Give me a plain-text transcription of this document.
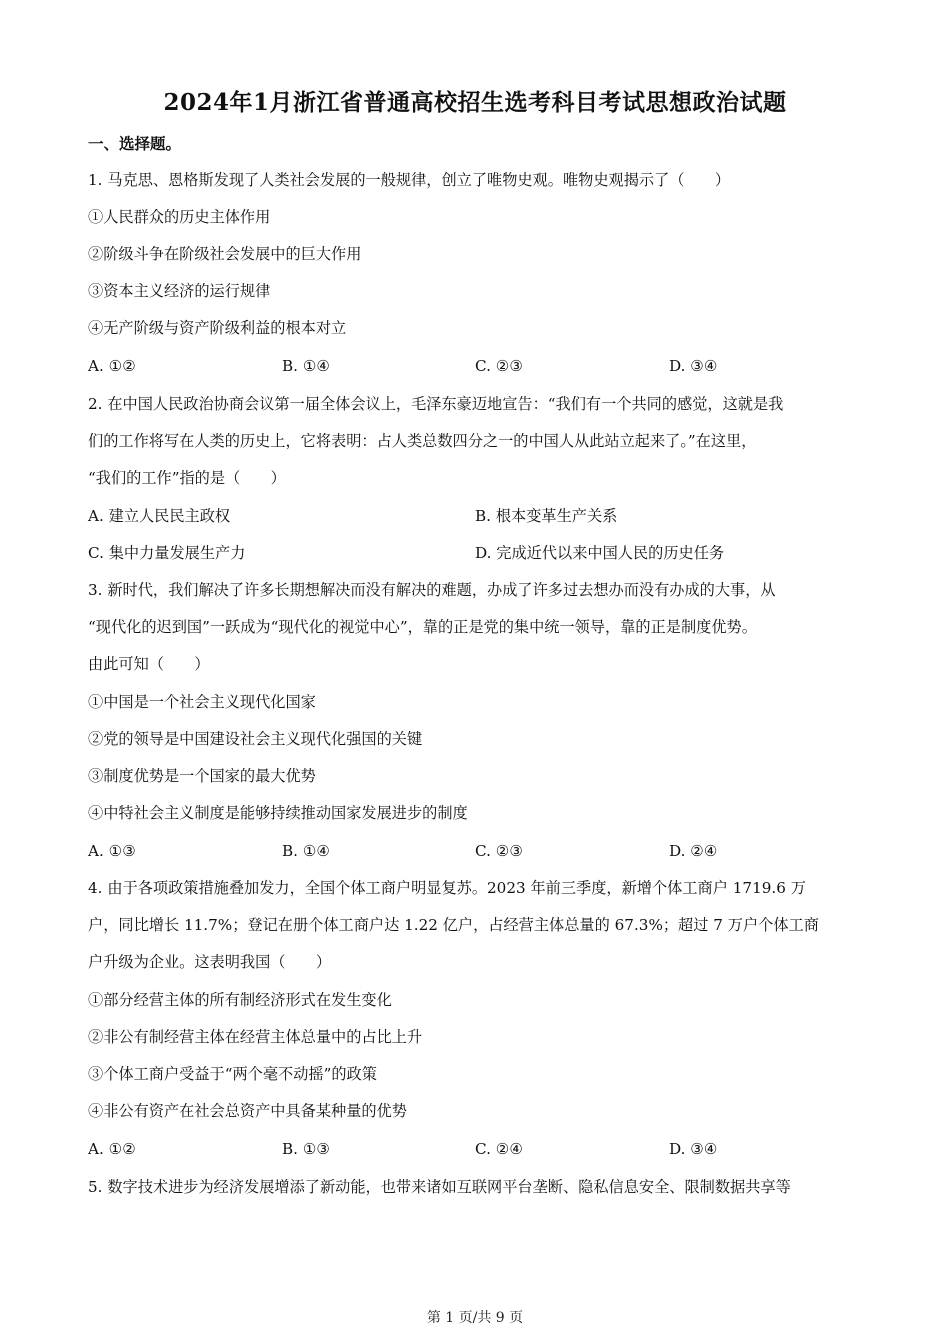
2024年1月浙江省普通高校招生选考科目考试思想政治试题
一、选择题。
1. 马克思、恩格斯发现了人类社会发展的一般规律，创立了唯物史观。唯物史观揭示了（　　）
①人民群众的历史主体作用
②阶级斗争在阶级社会发展中的巨大作用
③资本主义经济的运行规律
④无产阶级与资产阶级利益的根本对立
A. ①②	B. ①④	C. ②③	D. ③④
2. 在中国人民政治协商会议第一届全体会议上，毛泽东豪迈地宣告：“我们有一个共同的感觉，这就是我
们的工作将写在人类的历史上，它将表明：占人类总数四分之一的中国人从此站立起来了。”在这里，
“我们的工作”指的是（　　）
A. 建立人民民主政权	B. 根本变革生产关系
C. 集中力量发展生产力	D. 完成近代以来中国人民的历史任务
3. 新时代，我们解决了许多长期想解决而没有解决的难题，办成了许多过去想办而没有办成的大事，从
“现代化的迟到国”一跃成为“现代化的视觉中心”，靠的正是党的集中统一领导，靠的正是制度优势。
由此可知（　　）
①中国是一个社会主义现代化国家
②党的领导是中国建设社会主义现代化强国的关键
③制度优势是一个国家的最大优势
④中特社会主义制度是能够持续推动国家发展进步的制度
A. ①③	B. ①④	C. ②③	D. ②④
4. 由于各项政策措施叠加发力，全国个体工商户明显复苏。2023 年前三季度，新增个体工商户 1719.6 万
户，同比增长 11.7%；登记在册个体工商户达 1.22 亿户，占经营主体总量的 67.3%；超过 7 万户个体工商
户升级为企业。这表明我国（　　）
①部分经营主体的所有制经济形式在发生变化
②非公有制经营主体在经营主体总量中的占比上升
③个体工商户受益于“两个毫不动摇”的政策
④非公有资产在社会总资产中具备某种量的优势
A. ①②	B. ①③	C. ②④	D. ③④
5. 数字技术进步为经济发展增添了新动能，也带来诸如互联网平台垄断、隐私信息安全、限制数据共享等
第 1 页/共 9 页
